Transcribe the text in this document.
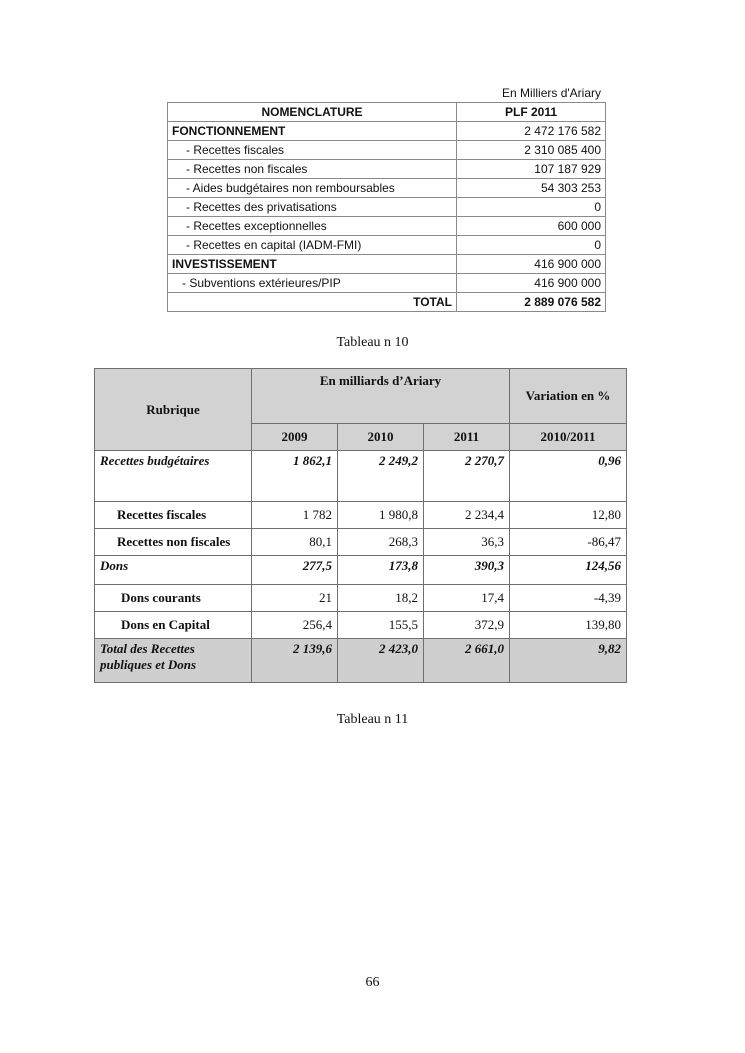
En Milliers d'Ariary
NOMENCLATURE	PLF 2011
FONCTIONNEMENT	2 472 176 582
- Recettes fiscales	2 310 085 400
- Recettes non fiscales	107 187 929
- Aides budgétaires non remboursables	54 303 253
- Recettes des privatisations	0
- Recettes exceptionnelles	600 000
- Recettes en capital (IADM-FMI)	0
INVESTISSEMENT	416 900 000
- Subventions extérieures/PIP	416 900 000
TOTAL	2 889 076 582
Tableau n 10
Rubrique	En milliards d’Ariary			Variation en %
	2009	2010	2011	2010/2011
Recettes budgétaires	1 862,1	2 249,2	2 270,7	0,96
Recettes fiscales	1 782	1 980,8	2 234,4	12,80
Recettes non fiscales	80,1	268,3	36,3	-86,47
Dons	277,5	173,8	390,3	124,56
Dons courants	21	18,2	17,4	-4,39
Dons en Capital	256,4	155,5	372,9	139,80
Total des Recettes
publiques et Dons	2 139,6	2 423,0	2 661,0	9,82
Tableau n 11
66
